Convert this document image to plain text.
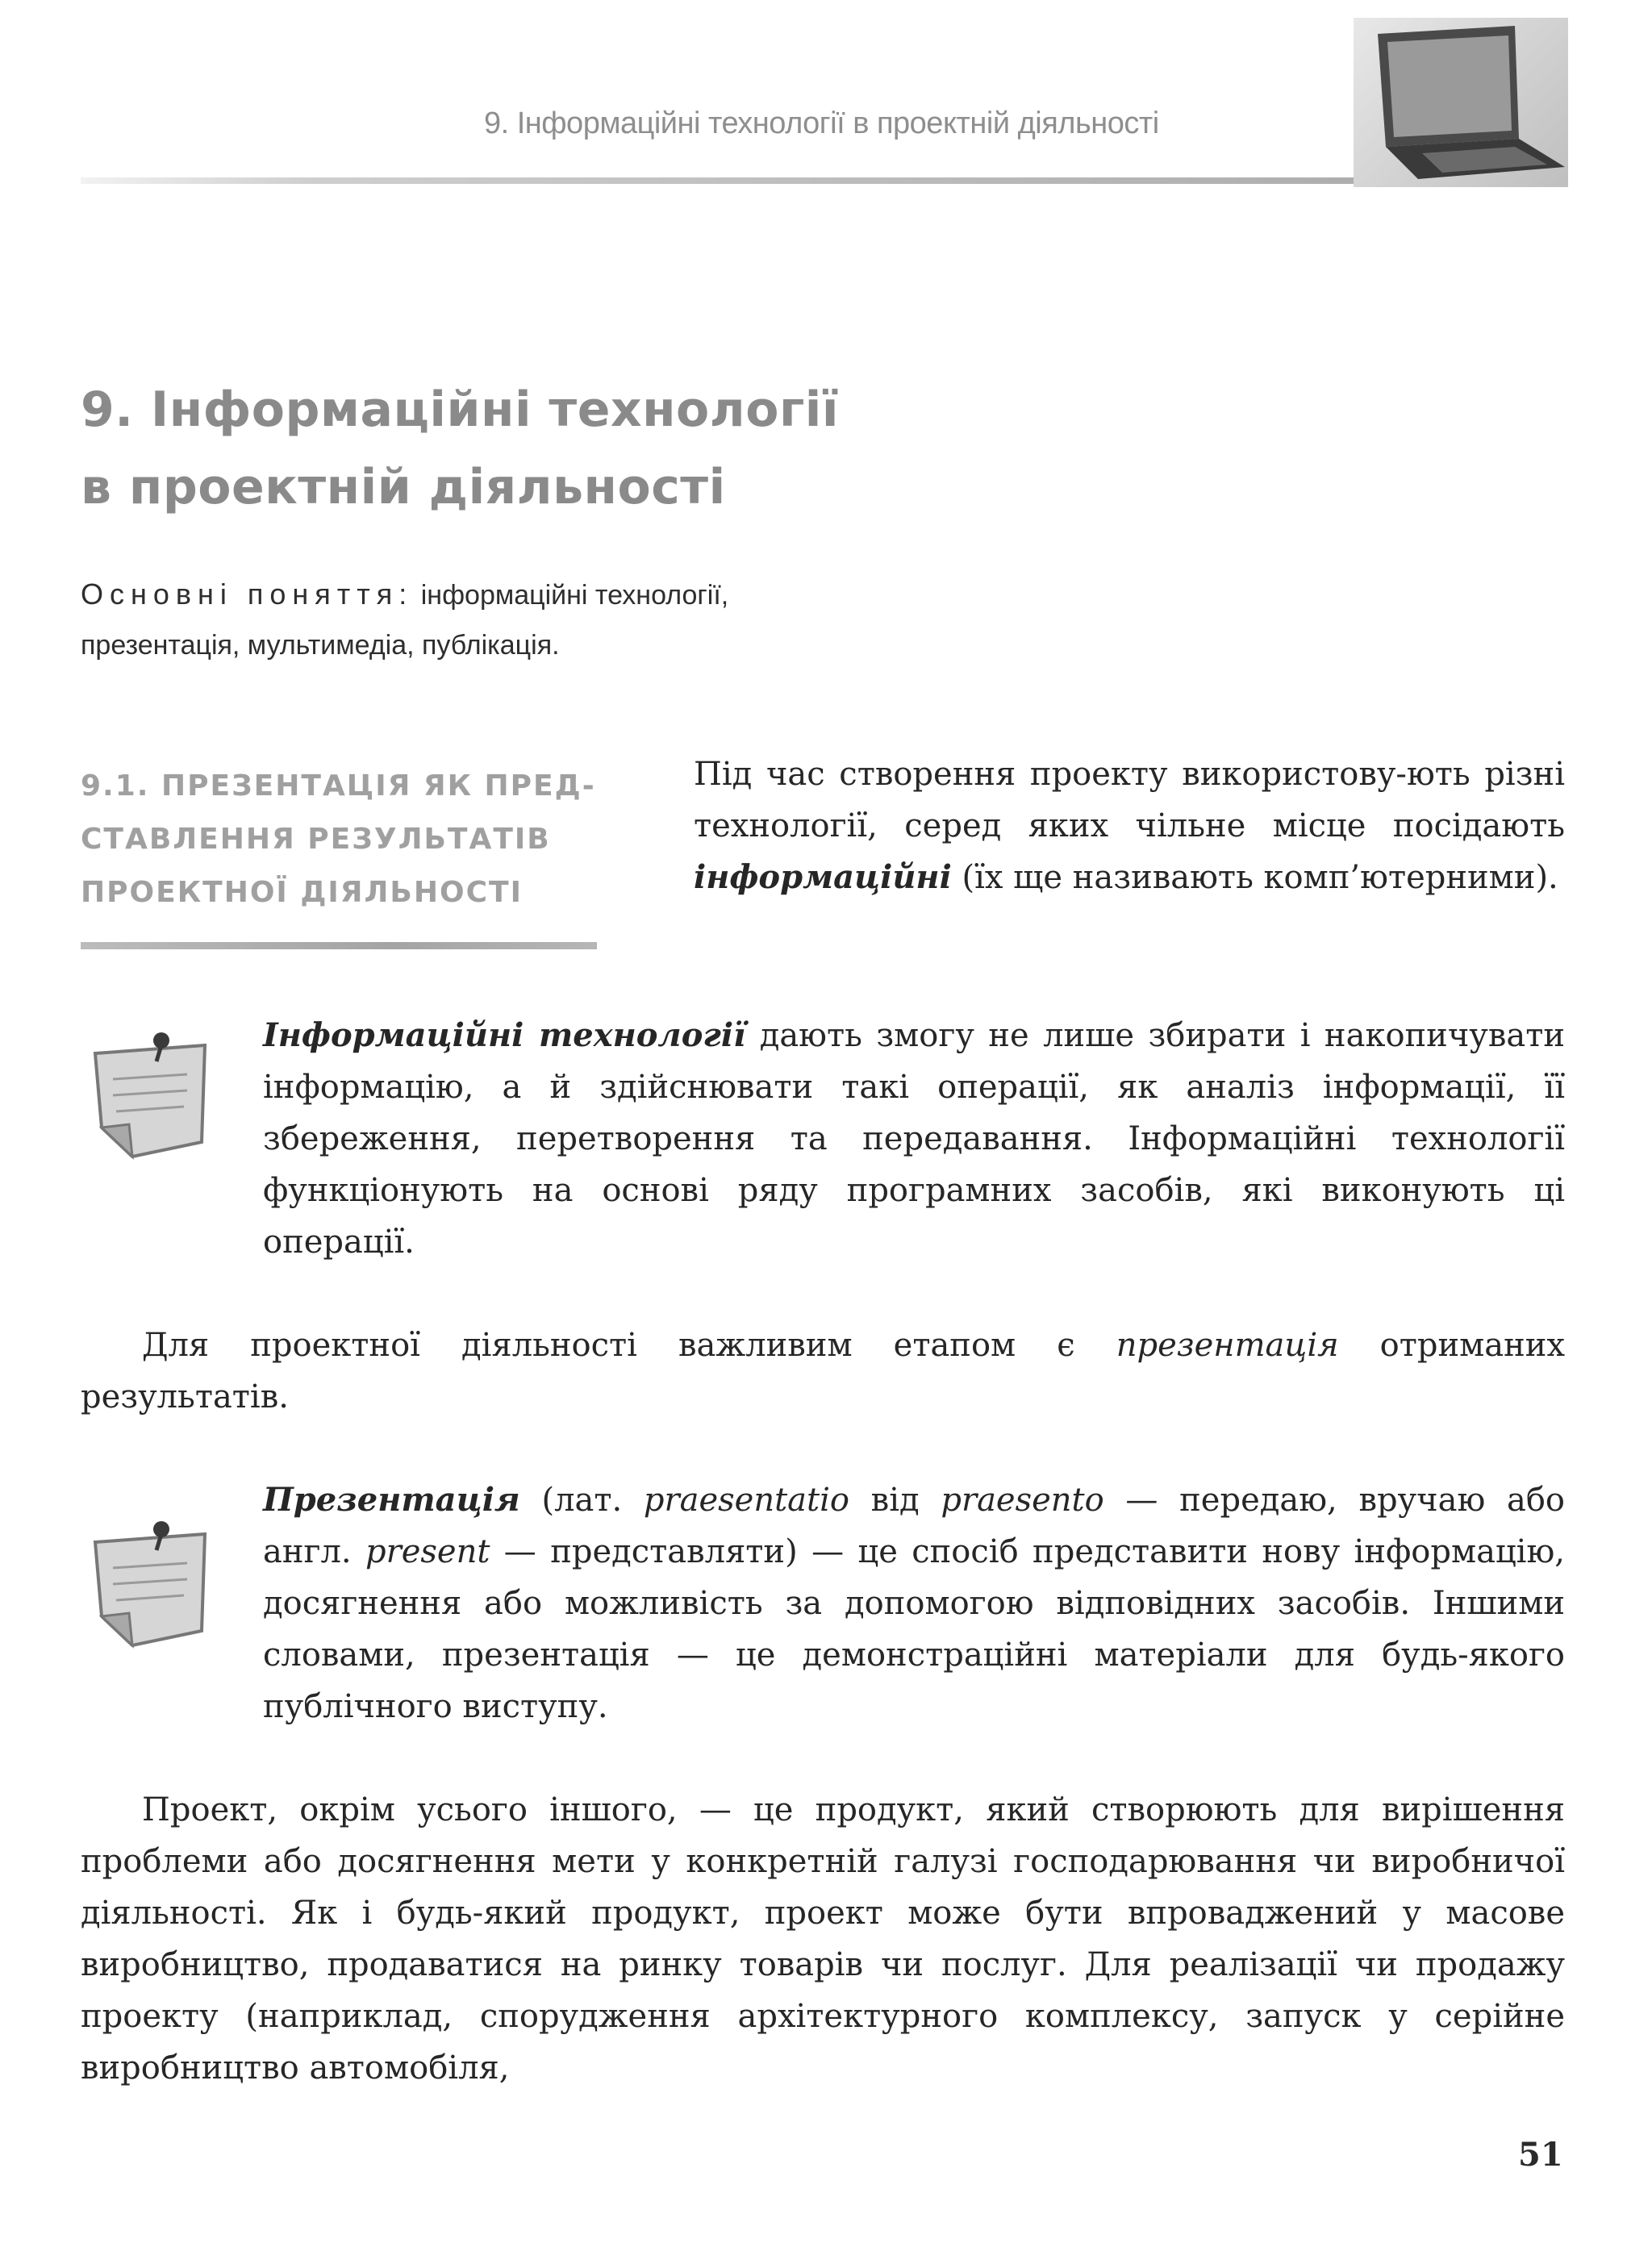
9. Інформаційні технології в проектній діяльності
9. Інформаційні технології
в проектній діяльності
Основні поняття: інформаційні технології,
презентація, мультимедіа, публікація.
9.1. ПРЕЗЕНТАЦІЯ ЯК ПРЕД-
СТАВЛЕННЯ РЕЗУЛЬТАТІВ
ПРОЕКТНОЇ ДІЯЛЬНОСТІ
Під час створення проекту використову-ють різні технології, серед яких чільне місце посідають інформаційні (їх ще називають комп’ютерними).
Інформаційні технології дають змогу не лише збирати і накопичувати інформацію, а й здійснювати такі операції, як аналіз інформації, її збереження, перетворення та передавання. Інформаційні технології функціонують на основі ряду програмних засобів, які виконують ці операції.
Для проектної діяльності важливим етапом є презентація отриманих результатів.
Презентація (лат. praesentatio від praesento — передаю, вручаю або англ. present — представляти) — це спосіб представити нову інформацію, досягнення або можливість за допомогою відповідних засобів. Іншими словами, презентація — це демонстраційні матеріали для будь-якого публічного виступу.
Проект, окрім усього іншого, — це продукт, який створюють для вирішення проблеми або досягнення мети у конкретній галузі господарювання чи виробничої діяльності. Як і будь-який продукт, проект може бути впроваджений у масове виробництво, продаватися на ринку товарів чи послуг. Для реалізації чи продажу проекту (наприклад, спорудження архітектурного комплексу, запуск у серійне виробництво автомобіля,
51
